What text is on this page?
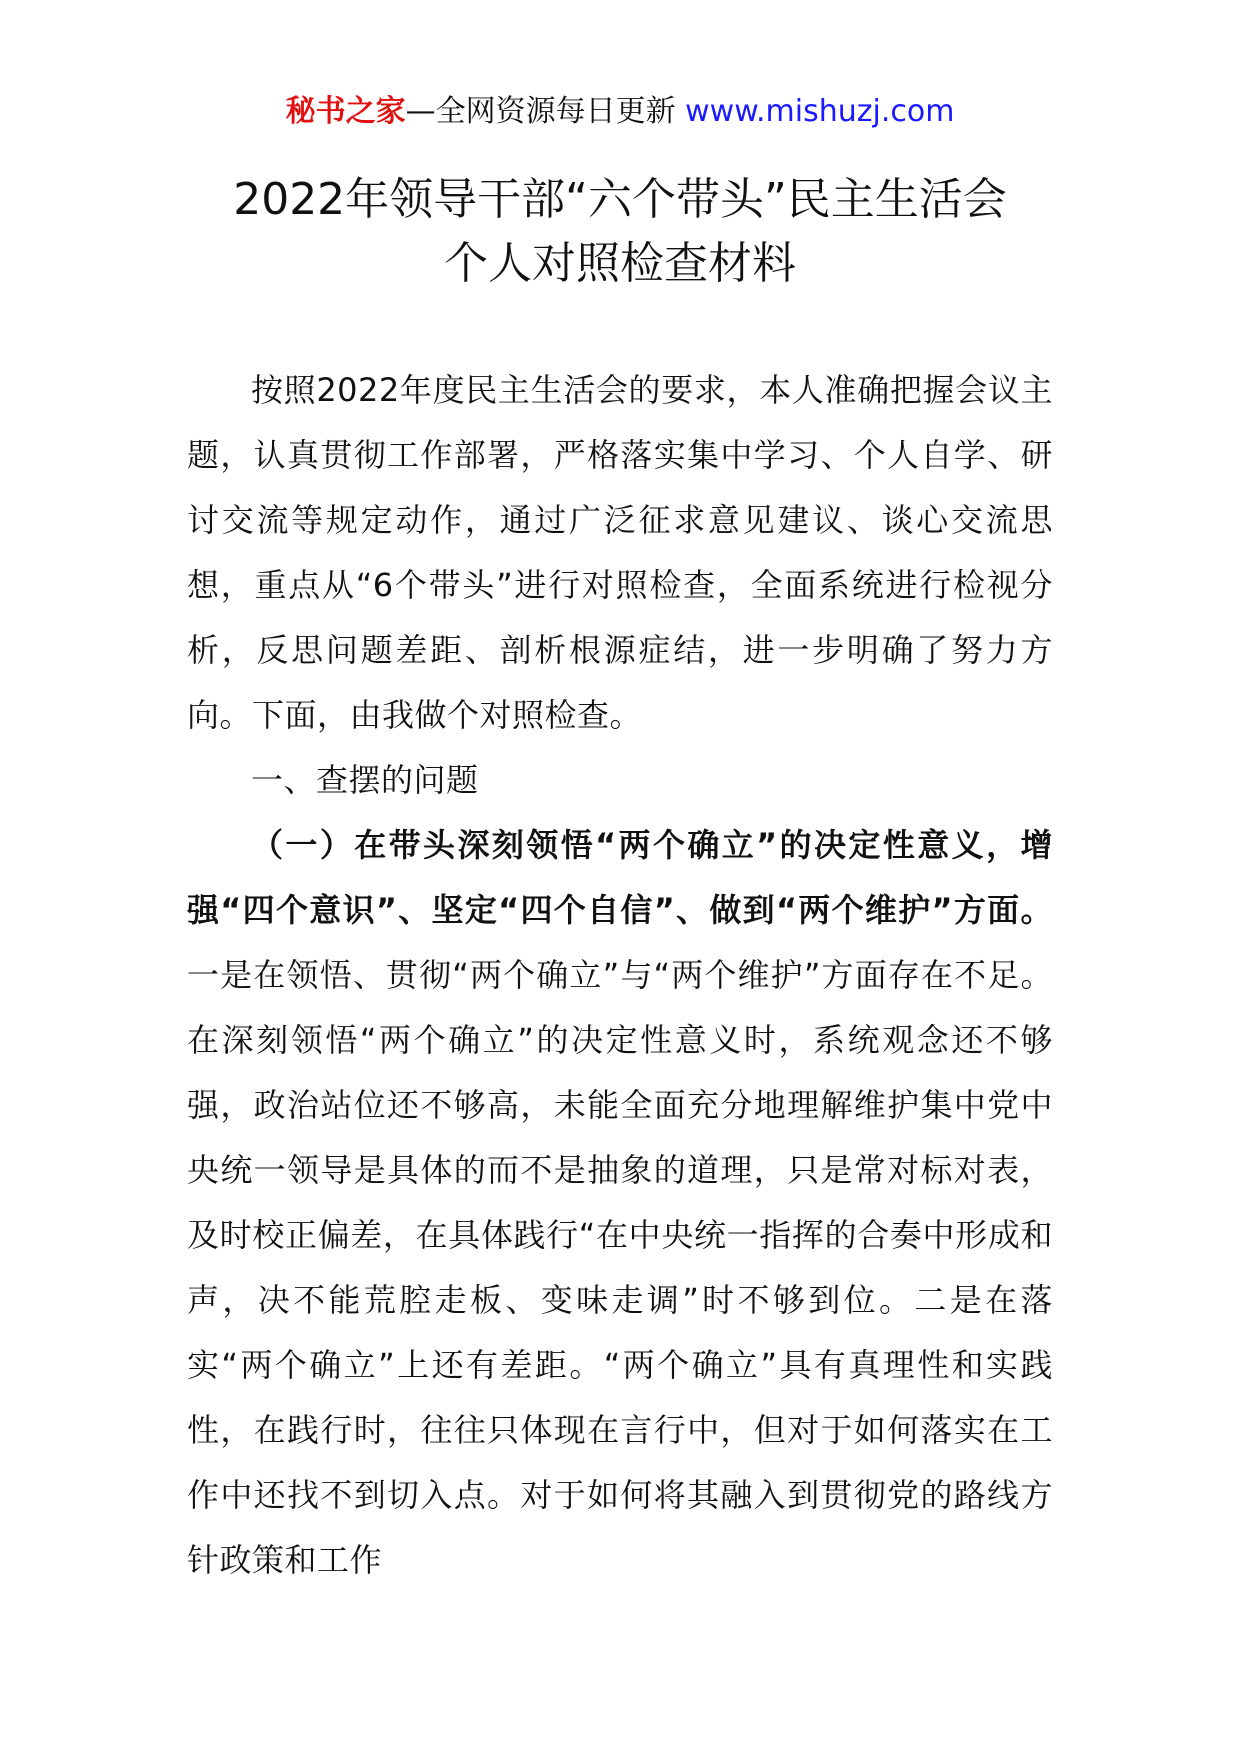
秘书之家—全网资源每日更新 www.mishuzj.com
2022年领导干部“六个带头”民主生活会
个人对照检查材料

按照2022年度民主生活会的要求，本人准确把握会议主题，认真贯彻工作部署，严格落实集中学习、个人自学、研讨交流等规定动作，通过广泛征求意见建议、谈心交流思想，重点从“6个带头”进行对照检查，全面系统进行检视分析，反思问题差距、剖析根源症结，进一步明确了努力方向。下面，由我做个对照检查。

一、查摆的问题

（一）在带头深刻领悟“两个确立”的决定性意义，增强“四个意识”、坚定“四个自信”、做到“两个维护”方面。一是在领悟、贯彻“两个确立”与“两个维护”方面存在不足。在深刻领悟“两个确立”的决定性意义时，系统观念还不够强，政治站位还不够高，未能全面充分地理解维护集中党中央统一领导是具体的而不是抽象的道理，只是常对标对表，及时校正偏差，在具体践行“在中央统一指挥的合奏中形成和声，决不能荒腔走板、变味走调”时不够到位。二是在落实“两个确立”上还有差距。“两个确立”具有真理性和实践性，在践行时，往往只体现在言行中，但对于如何落实在工作中还找不到切入点。对于如何将其融入到贯彻党的路线方针政策和工作
